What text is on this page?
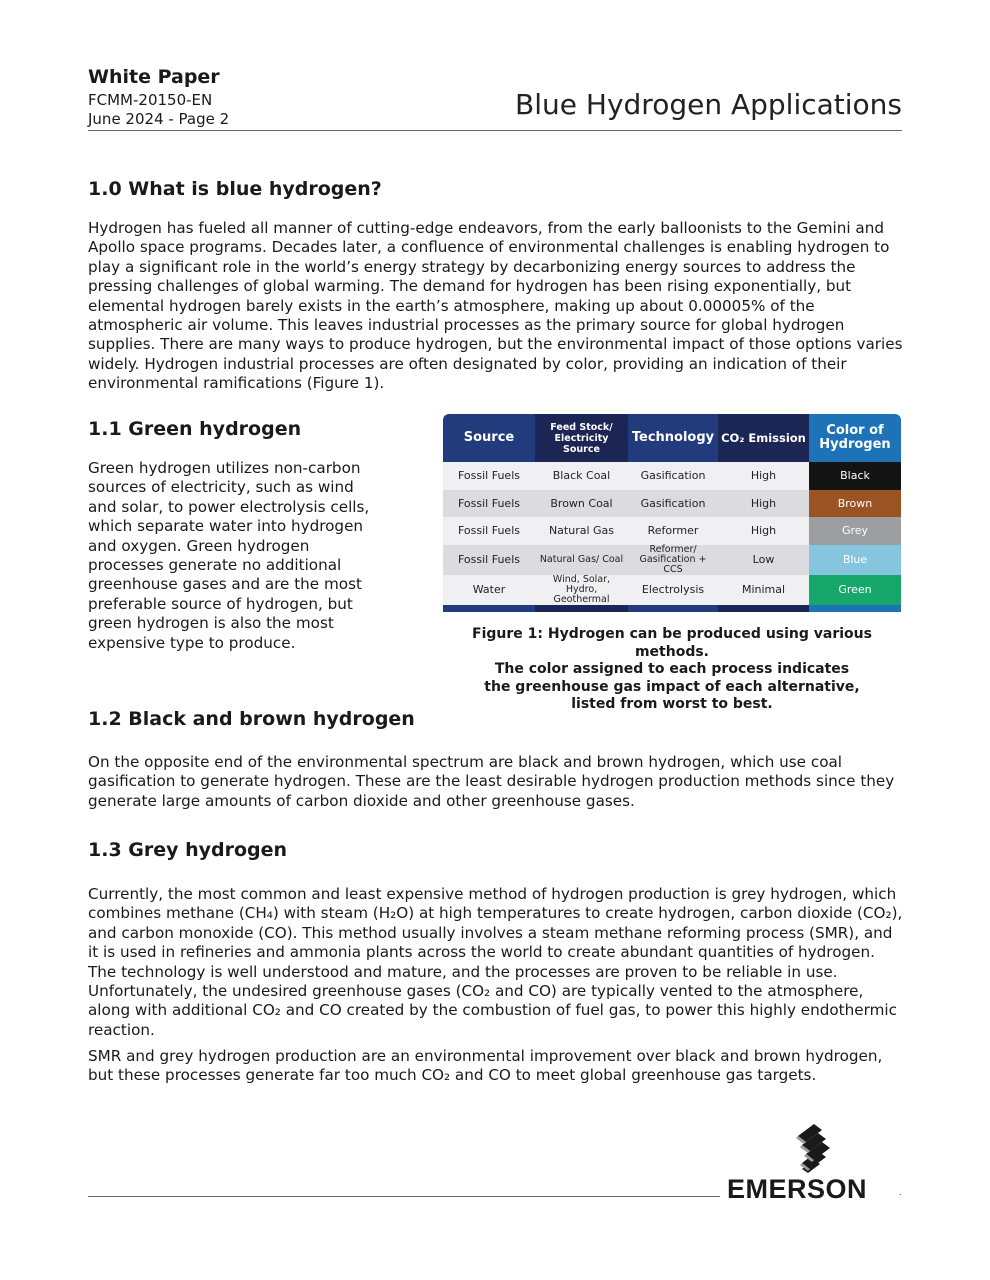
White Paper
FCMM-20150-EN
June 2024 - Page 2	Blue Hydrogen Applications
1.0 What is blue hydrogen?

Hydrogen has fueled all manner of cutting-edge endeavors, from the early balloonists to the Gemini and Apollo space programs. Decades later, a confluence of environmental challenges is enabling hydrogen to play a significant role in the world’s energy strategy by decarbonizing energy sources to address the pressing challenges of global warming. The demand for hydrogen has been rising exponentially, but elemental hydrogen barely exists in the earth’s atmosphere, making up about 0.00005% of the atmospheric air volume. This leaves industrial processes as the primary source for global hydrogen supplies. There are many ways to produce hydrogen, but the environmental impact of those options varies widely. Hydrogen industrial processes are often designated by color, providing an indication of their environmental ramifications (Figure 1).

1.1 Green hydrogen

Green hydrogen utilizes non-carbon sources of electricity, such as wind and solar, to power electrolysis cells, which separate water into hydrogen and oxygen. Green hydrogen processes generate no additional greenhouse gases and are the most preferable source of hydrogen, but green hydrogen is also the most expensive type to produce.

Source	Feed Stock/ Electricity Source	Technology	CO₂ Emission	Color of Hydrogen
Fossil Fuels	Black Coal	Gasification	High	Black
Fossil Fuels	Brown Coal	Gasification	High	Brown
Fossil Fuels	Natural Gas	Reformer	High	Grey
Fossil Fuels	Natural Gas/ Coal	Reformer/ Gasification + CCS	Low	Blue
Water	Wind, Solar, Hydro, Geothermal	Electrolysis	Minimal	Green

Figure 1: Hydrogen can be produced using various methods.
The color assigned to each process indicates
the greenhouse gas impact of each alternative,
listed from worst to best.
1.2 Black and brown hydrogen

On the opposite end of the environmental spectrum are black and brown hydrogen, which use coal gasification to generate hydrogen. These are the least desirable hydrogen production methods since they generate large amounts of carbon dioxide and other greenhouse gases.

1.3 Grey hydrogen

Currently, the most common and least expensive method of hydrogen production is grey hydrogen, which combines methane (CH₄) with steam (H₂O) at high temperatures to create hydrogen, carbon dioxide (CO₂), and carbon monoxide (CO). This method usually involves a steam methane reforming process (SMR), and it is used in refineries and ammonia plants across the world to create abundant quantities of hydrogen. The technology is well understood and mature, and the processes are proven to be reliable in use. Unfortunately, the undesired greenhouse gases (CO₂ and CO) are typically vented to the atmosphere, along with additional CO₂ and CO created by the combustion of fuel gas, to power this highly endothermic reaction.

SMR and grey hydrogen production are an environmental improvement over black and brown hydrogen, but these processes generate far too much CO₂ and CO to meet global greenhouse gas targets.

EMERSON	.
